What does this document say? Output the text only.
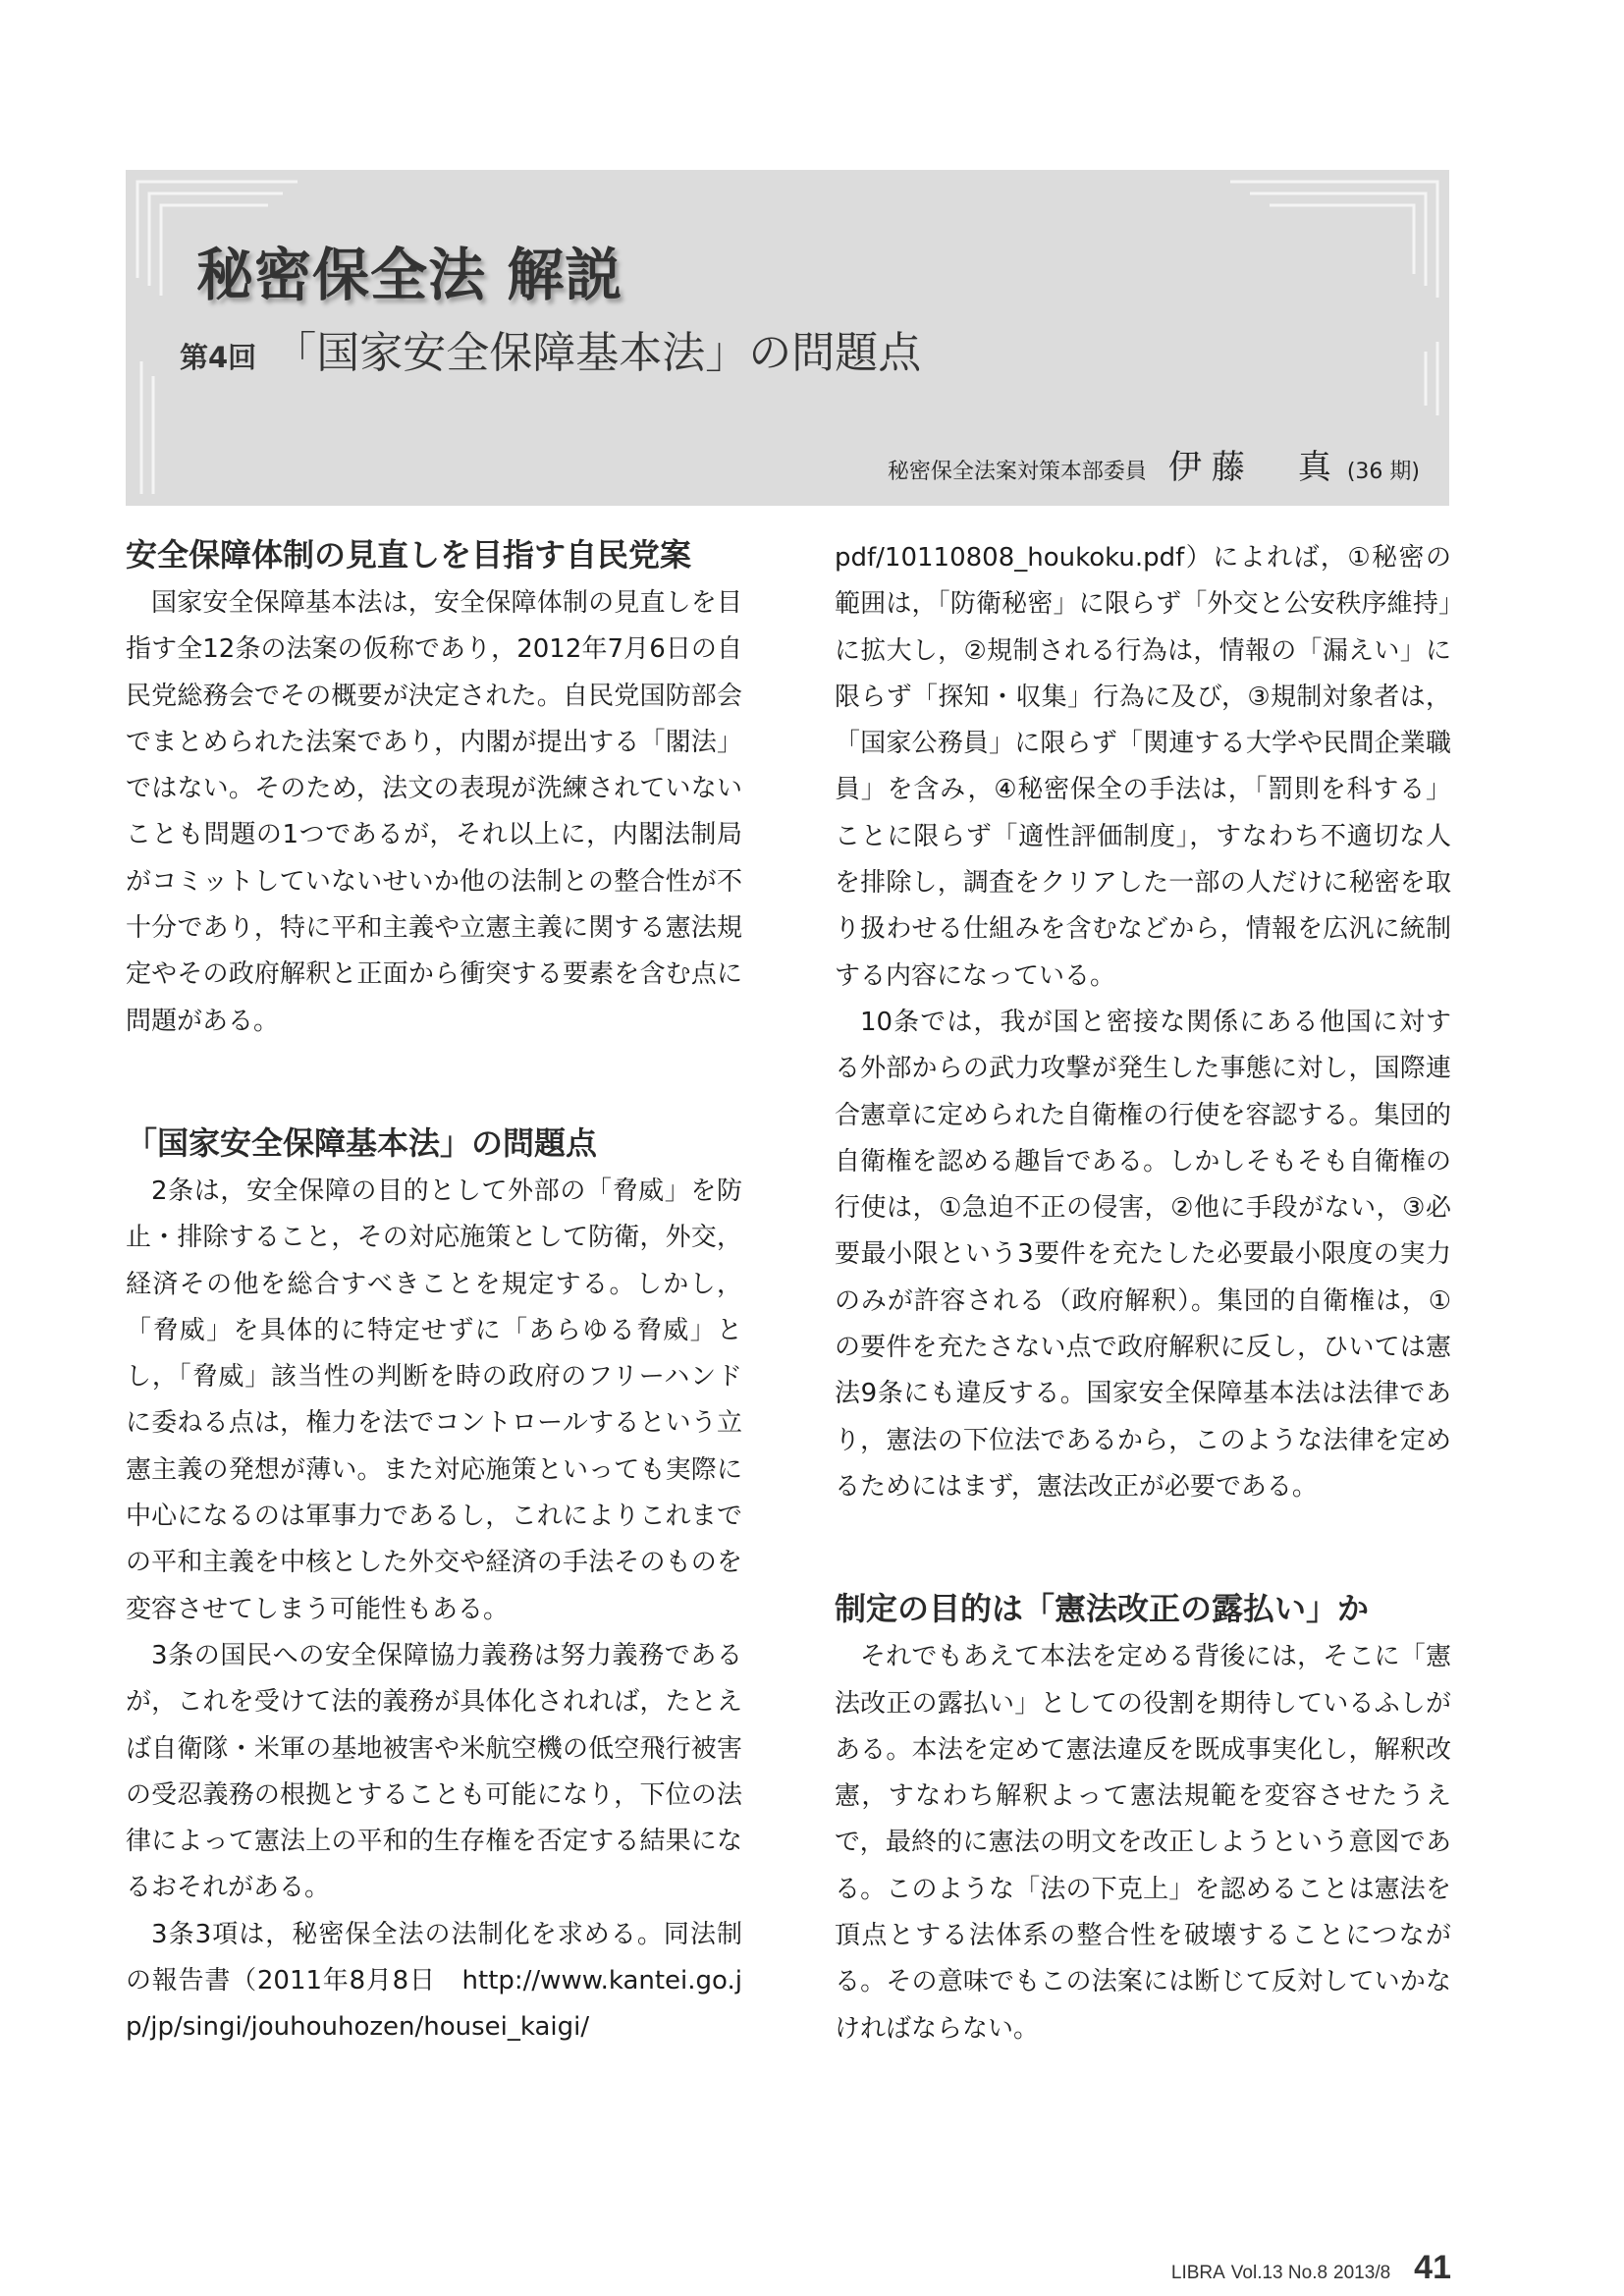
秘密保全法 解説
第4回 「国家安全保障基本法」の問題点
秘密保全法案対策本部委員 伊藤　真 (36 期)
安全保障体制の見直しを目指す自民党案

国家安全保障基本法は，安全保障体制の見直しを目指す全12条の法案の仮称であり，2012年7月6日の自民党総務会でその概要が決定された。自民党国防部会でまとめられた法案であり，内閣が提出する「閣法」ではない。そのため，法文の表現が洗練されていないことも問題の1つであるが，それ以上に，内閣法制局がコミットしていないせいか他の法制との整合性が不十分であり，特に平和主義や立憲主義に関する憲法規定やその政府解釈と正面から衝突する要素を含む点に問題がある。

「国家安全保障基本法」の問題点

2条は，安全保障の目的として外部の「脅威」を防止・排除すること，その対応施策として防衛，外交，経済その他を総合すべきことを規定する。しかし，「脅威」を具体的に特定せずに「あらゆる脅威」とし，「脅威」該当性の判断を時の政府のフリーハンドに委ねる点は，権力を法でコントロールするという立憲主義の発想が薄い。また対応施策といっても実際に中心になるのは軍事力であるし，これによりこれまでの平和主義を中核とした外交や経済の手法そのものを変容させてしまう可能性もある。

3条の国民への安全保障協力義務は努力義務であるが，これを受けて法的義務が具体化されれば，たとえば自衛隊・米軍の基地被害や米航空機の低空飛行被害の受忍義務の根拠とすることも可能になり，下位の法律によって憲法上の平和的生存権を否定する結果になるおそれがある。

3条3項は，秘密保全法の法制化を求める。同法制の報告書（2011年8月8日　http://www.kantei.go.jp/jp/singi/jouhouhozen/housei_kaigi/

pdf/10110808_houkoku.pdf）によれば，①秘密の範囲は，「防衛秘密」に限らず「外交と公安秩序維持」に拡大し，②規制される行為は，情報の「漏えい」に限らず「探知・収集」行為に及び，③規制対象者は，「国家公務員」に限らず「関連する大学や民間企業職員」を含み，④秘密保全の手法は，「罰則を科する」ことに限らず「適性評価制度」，すなわち不適切な人を排除し，調査をクリアした一部の人だけに秘密を取り扱わせる仕組みを含むなどから，情報を広汎に統制する内容になっている。

10条では，我が国と密接な関係にある他国に対する外部からの武力攻撃が発生した事態に対し，国際連合憲章に定められた自衛権の行使を容認する。集団的自衛権を認める趣旨である。しかしそもそも自衛権の行使は，①急迫不正の侵害，②他に手段がない，③必要最小限という3要件を充たした必要最小限度の実力のみが許容される（政府解釈）。集団的自衛権は，①の要件を充たさない点で政府解釈に反し，ひいては憲法9条にも違反する。国家安全保障基本法は法律であり，憲法の下位法であるから，このような法律を定めるためにはまず，憲法改正が必要である。

制定の目的は「憲法改正の露払い」か

それでもあえて本法を定める背後には，そこに「憲法改正の露払い」としての役割を期待しているふしがある。本法を定めて憲法違反を既成事実化し，解釈改憲，すなわち解釈よって憲法規範を変容させたうえで，最終的に憲法の明文を改正しようという意図である。このような「法の下克上」を認めることは憲法を頂点とする法体系の整合性を破壊することにつながる。その意味でもこの法案には断じて反対していかなければならない。

LIBRA Vol.13 No.8 2013/8 41
